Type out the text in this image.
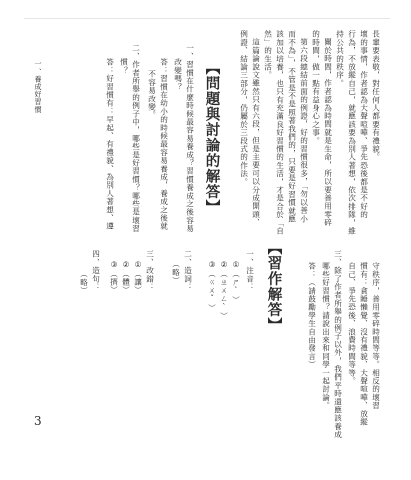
長輩要表敬，對任何人都要有禮貌。
壞的事情，作者認為大聲喧嘩、爭先恐後都是不好的
行為，不放縱自己，就應該要為別人著想，依次排隊，維
持公共的秩序。
關於時間，作者認為時間就是生命，所以要善用零碎
的時間，做一點有益身心之事。
第六段總結前面的例證，好的習慣很多，「勿以善小
而不為」，不管是不是照著我們的，只要是好習慣就應
該加以培養，也只有充滿良好習慣的生活，才是合於「自
然」的生活。
這篇論說文雖然只有六段，但是主要可以分成開頭、
例證、結論三部分，仍屬於三段式的作法。
【問題與討論的解答】
一、習慣在什麼時候最容易養成？習慣養成之後容易
改變嗎？
答：習慣在幼小的時候最容易養成，養成之後就
不容易改變。
二、作者所舉的例子中，哪些是好習慣？哪些是壞習
慣？
答：好習慣有：早起、有禮貌、為別人著想、遵
一、養成好習慣
守秩序，善用零碎時間等等。相反的壞習
慣有：貪睡懶覺、沒有禮貌、大聲喧嘩、放縱
自己、爭先恐後、浪費時間等等。
三、除了作者所舉的例子以外，我們平時還應該養成
哪些好習慣？請說出來和同學一起討論。
答：（請鼓勵學生自由發言）
【習作解答】
一、注音：
①（ㄕˋ）
②（ㄓㄨㄥˋ）
③（ㄍㄨˇ）
二、造詞：
（略）
三、改錯：
①（讓）
②（體）
③（擠）
四、造句：
（略）
3
